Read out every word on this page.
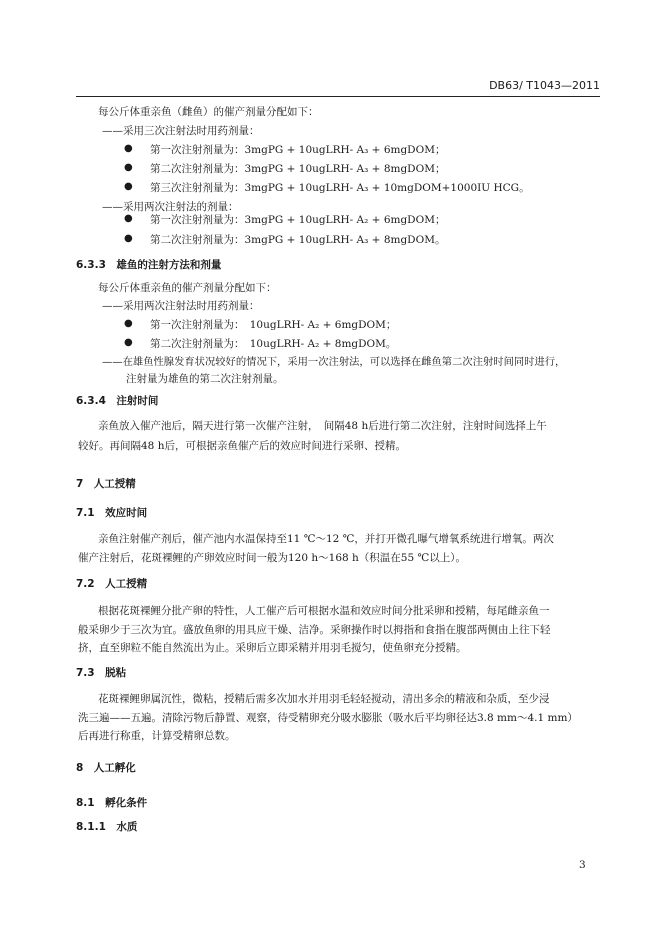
DB63/ T1043—2011
每公斤体重亲鱼（雌鱼）的催产剂量分配如下：
——采用三次注射法时用药剂量：
● 第一次注射剂量为：3mgPG + 10ugLRH- A₃ + 6mgDOM；
● 第二次注射剂量为：3mgPG + 10ugLRH- A₃ + 8mgDOM；
● 第三次注射剂量为：3mgPG + 10ugLRH- A₃ + 10mgDOM+1000IU HCG。
——采用两次注射法的剂量：
● 第一次注射剂量为：3mgPG + 10ugLRH- A₂ + 6mgDOM；
● 第二次注射剂量为：3mgPG + 10ugLRH- A₃ + 8mgDOM。
6.3.3　雄鱼的注射方法和剂量
每公斤体重亲鱼的催产剂量分配如下：
——采用两次注射法时用药剂量：
● 第一次注射剂量为：　10ugLRH- A₂ + 6mgDOM；
● 第二次注射剂量为：　10ugLRH- A₂ + 8mgDOM。
——在雄鱼性腺发育状况较好的情况下，采用一次注射法，可以选择在雌鱼第二次注射时间同时进行，
注射量为雄鱼的第二次注射剂量。
6.3.4　注射时间
亲鱼放入催产池后，隔天进行第一次催产注射，　间隔48 h后进行第二次注射，注射时间选择上午
较好。再间隔48 h后，可根据亲鱼催产后的效应时间进行采卵、授精。
7　人工授精
7.1　效应时间
亲鱼注射催产剂后，催产池内水温保持至11 ℃～12 ℃，并打开微孔曝气增氧系统进行增氧。两次
催产注射后，花斑裸鲤的产卵效应时间一般为120 h～168 h（积温在55 ℃以上）。
7.2　人工授精
根据花斑裸鲤分批产卵的特性，人工催产后可根据水温和效应时间分批采卵和授精，每尾雌亲鱼一
般采卵少于三次为宜。盛放鱼卵的用具应干燥、洁净。采卵操作时以拇指和食指在腹部两侧由上往下轻
挤，直至卵粒不能自然流出为止。采卵后立即采精并用羽毛搅匀，使鱼卵充分授精。
7.3　脱粘
花斑裸鲤卵属沉性，微粘，授精后需多次加水并用羽毛轻轻搅动，清出多余的精液和杂质，至少浸
洗三遍——五遍。清除污物后静置、观察，待受精卵充分吸水膨胀（吸水后平均卵径达3.8 mm～4.1 mm）
后再进行称重，计算受精卵总数。
8　人工孵化
8.1　孵化条件
8.1.1　水质
3
